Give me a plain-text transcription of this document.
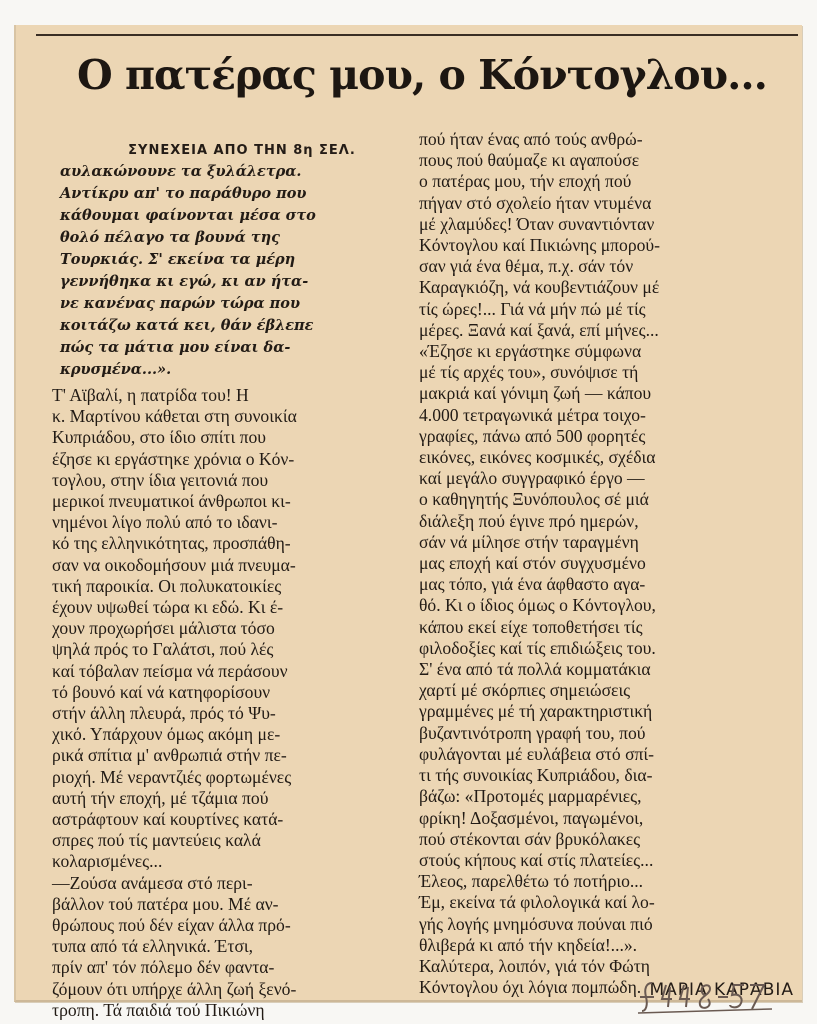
Ο πατέρας μου, ο Κόντογλου...
ΣΥΝΕΧΕΙΑ ΑΠΟ ΤΗΝ 8η ΣΕΛ.

αυλακώνουνε τα ξυλάλετρα.
Αντίκρυ απ' το παράθυρο που
κάθουμαι φαίνονται μέσα στο
θολό πέλαγο τα βουνά της
Τουρκιάς. Σ' εκείνα τα μέρη
γεννήθηκα κι εγώ, κι αν ήτα-
νε κανένας παρών τώρα που
κοιτάζω κατά κει, θάν έβλεπε
πώς τα μάτια μου είναι δα-
κρυσμένα...».

Τ' Αϊβαλί, η πατρίδα του! Η
κ. Μαρτίνου κάθεται στη συνοικία
Κυπριάδου, στο ίδιο σπίτι που
έζησε κι εργάστηκε χρόνια ο Κόν-
τογλου, στην ίδια γειτονιά που
μερικοί πνευματικοί άνθρωποι κι-
νημένοι λίγο πολύ από το ιδανι-
κό της ελληνικότητας, προσπάθη-
σαν να οικοδομήσουν μιά πνευμα-
τική παροικία. Οι πολυκατοικίες
έχουν υψωθεί τώρα κι εδώ. Κι έ-
χουν προχωρήσει μάλιστα τόσο
ψηλά πρός το Γαλάτσι, πού λές
καί τόβαλαν πείσμα νά περάσουν
τό βουνό καί νά κατηφορίσουν
στήν άλλη πλευρά, πρός τό Ψυ-
χικό. Υπάρχουν όμως ακόμη με-
ρικά σπίτια μ' ανθρωπιά στήν πε-
ριοχή. Μέ νεραντζιές φορτωμένες
αυτή τήν εποχή, μέ τζάμια πού
αστράφτουν καί κουρτίνες κατά-
σπρες πού τίς μαντεύεις καλά
κολαρισμένες...
—Ζούσα ανάμεσα στό περι-
βάλλον τού πατέρα μου. Μέ αν-
θρώπους πού δέν είχαν άλλα πρό-
τυπα από τά ελληνικά. Έτσι,
πρίν απ' τόν πόλεμο δέν φαντα-
ζόμουν ότι υπήρχε άλλη ζωή ξενό-
τροπη. Τά παιδιά τού Πικιώνη

πού ήταν ένας από τούς ανθρώ-
πους πού θαύμαζε κι αγαπούσε
ο πατέρας μου, τήν εποχή πού
πήγαν στό σχολείο ήταν ντυμένα
μέ χλαμύδες! Όταν συναντιόνταν
Κόντογλου καί Πικιώνης μπορού-
σαν γιά ένα θέμα, π.χ. σάν τόν
Καραγκιόζη, νά κουβεντιάζουν μέ
τίς ώρες!... Γιά νά μήν πώ μέ τίς
μέρες. Ξανά καί ξανά, επί μήνες...
«Έζησε κι εργάστηκε σύμφωνα
μέ τίς αρχές του», συνόψισε τή
μακριά καί γόνιμη ζωή — κάπου
4.000 τετραγωνικά μέτρα τοιχο-
γραφίες, πάνω από 500 φορητές
εικόνες, εικόνες κοσμικές, σχέδια
καί μεγάλο συγγραφικό έργο —
ο καθηγητής Ξυνόπουλος σέ μιά
διάλεξη πού έγινε πρό ημερών,
σάν νά μίλησε στήν ταραγμένη
μας εποχή καί στόν συγχυσμένο
μας τόπο, γιά ένα άφθαστο αγα-
θό. Κι ο ίδιος όμως ο Κόντογλου,
κάπου εκεί είχε τοποθετήσει τίς
φιλοδοξίες καί τίς επιδιώξεις του.
Σ' ένα από τά πολλά κομματάκια
χαρτί μέ σκόρπιες σημειώσεις
γραμμένες μέ τή χαρακτηριστική
βυζαντινότροπη γραφή του, πού
φυλάγονται μέ ευλάβεια στό σπί-
τι τής συνοικίας Κυπριάδου, δια-
βάζω: «Προτομές μαρμαρένιες,
φρίκη! Δοξασμένοι, παγωμένοι,
πού στέκονται σάν βρυκόλακες
στούς κήπους καί στίς πλατείες...
Έλεος, παρελθέτω τό ποτήριο...
Έμ, εκείνα τά φιλολογικά καί λο-
γής λογής μνημόσυνα πούναι πιό
θλιβερά κι από τήν κηδεία!...».
Καλύτερα, λοιπόν, γιά τόν Φώτη
Κόντογλου όχι λόγια πομπώδη. ΜΑΡΙΑ ΚΑΡΑΒΙΑ
